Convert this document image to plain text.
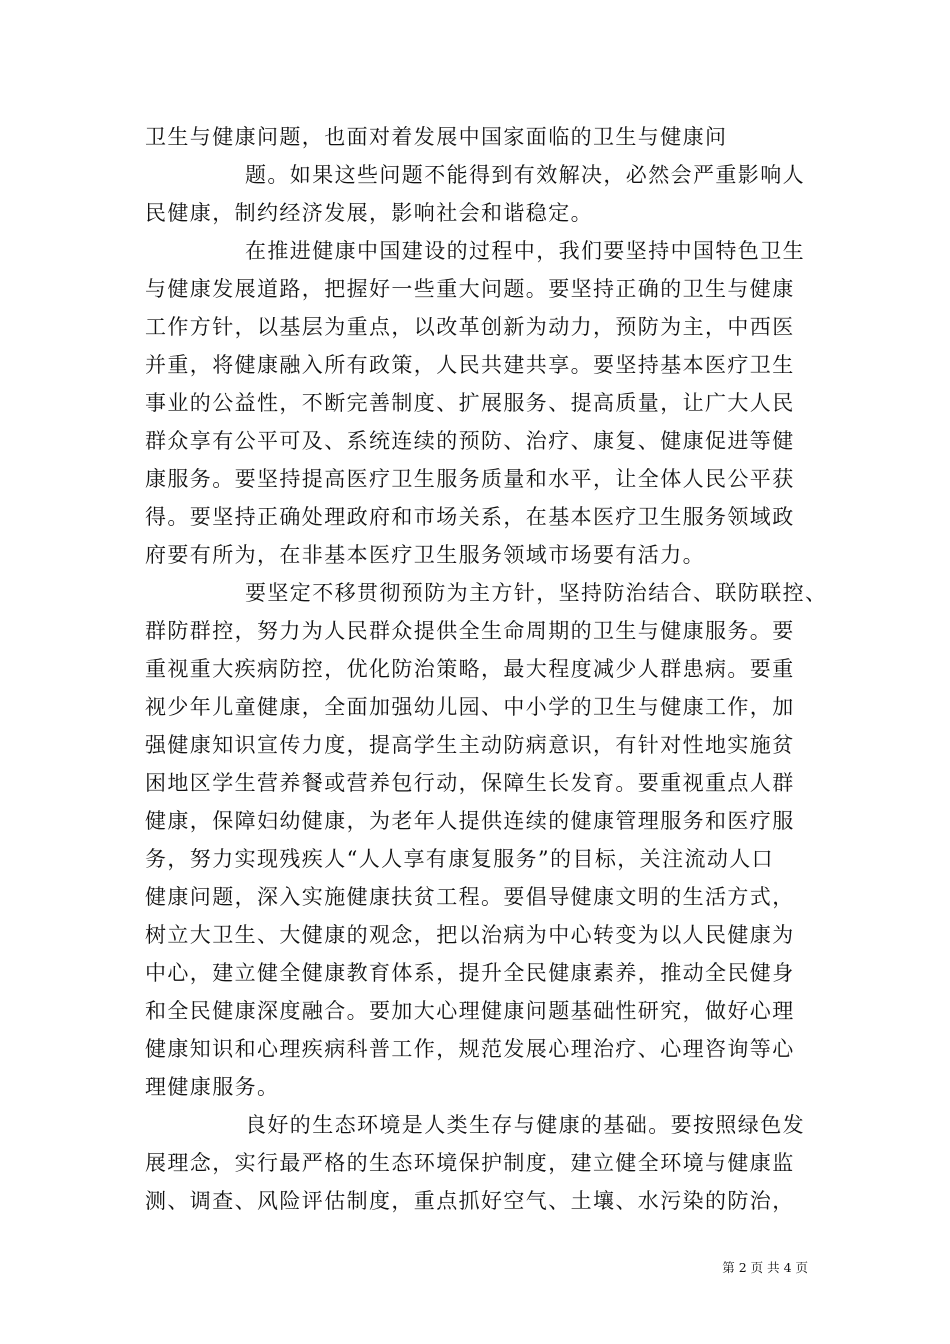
卫生与健康问题，也面对着发展中国家面临的卫生与健康问
题。如果这些问题不能得到有效解决，必然会严重影响人
民健康，制约经济发展，影响社会和谐稳定。
在推进健康中国建设的过程中，我们要坚持中国特色卫生
与健康发展道路，把握好一些重大问题。要坚持正确的卫生与健康
工作方针，以基层为重点，以改革创新为动力，预防为主，中西医
并重，将健康融入所有政策，人民共建共享。要坚持基本医疗卫生
事业的公益性，不断完善制度、扩展服务、提高质量，让广大人民
群众享有公平可及、系统连续的预防、治疗、康复、健康促进等健
康服务。要坚持提高医疗卫生服务质量和水平，让全体人民公平获
得。要坚持正确处理政府和市场关系，在基本医疗卫生服务领域政
府要有所为，在非基本医疗卫生服务领域市场要有活力。
要坚定不移贯彻预防为主方针，坚持防治结合、联防联控、
群防群控，努力为人民群众提供全生命周期的卫生与健康服务。要
重视重大疾病防控，优化防治策略，最大程度减少人群患病。要重
视少年儿童健康，全面加强幼儿园、中小学的卫生与健康工作，加
强健康知识宣传力度，提高学生主动防病意识，有针对性地实施贫
困地区学生营养餐或营养包行动，保障生长发育。要重视重点人群
健康，保障妇幼健康，为老年人提供连续的健康管理服务和医疗服
务，努力实现残疾人“人人享有康复服务”的目标，关注流动人口
健康问题，深入实施健康扶贫工程。要倡导健康文明的生活方式，
树立大卫生、大健康的观念，把以治病为中心转变为以人民健康为
中心，建立健全健康教育体系，提升全民健康素养，推动全民健身
和全民健康深度融合。要加大心理健康问题基础性研究，做好心理
健康知识和心理疾病科普工作，规范发展心理治疗、心理咨询等心
理健康服务。
良好的生态环境是人类生存与健康的基础。要按照绿色发
展理念，实行最严格的生态环境保护制度，建立健全环境与健康监
测、调查、风险评估制度，重点抓好空气、土壤、水污染的防治，
第 2 页 共 4 页
